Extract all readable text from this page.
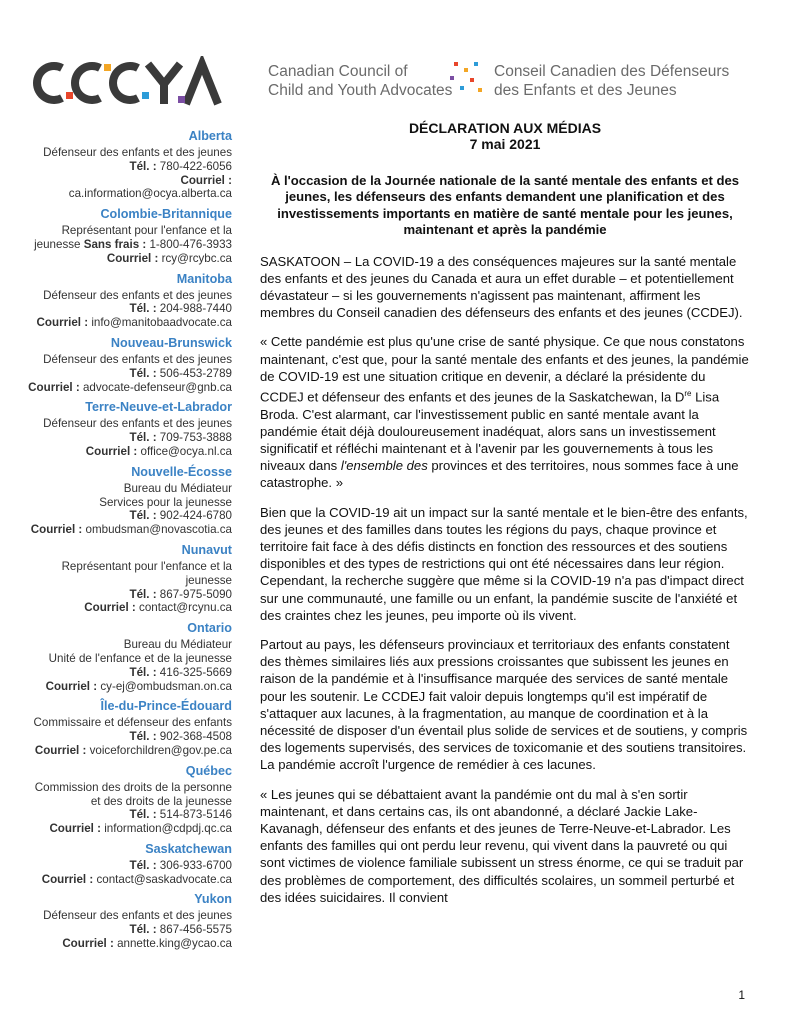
Canadian Council of
Child and Youth Advocates
Conseil Canadien des Défenseurs
des Enfants et des Jeunes
Alberta
Défenseur des enfants et des jeunes
Tél. : 780-422-6056
Courriel :
ca.information@ocya.alberta.ca
Colombie-Britannique
Représentant pour l'enfance et la
jeunesse Sans frais : 1-800-476-3933
Courriel : rcy@rcybc.ca
Manitoba
Défenseur des enfants et des jeunes
Tél. : 204-988-7440
Courriel : info@manitobaadvocate.ca
Nouveau-Brunswick
Défenseur des enfants et des jeunes
Tél. : 506-453-2789
Courriel : advocate-defenseur@gnb.ca
Terre-Neuve-et-Labrador
Défenseur des enfants et des jeunes
Tél. : 709-753-3888
Courriel : office@ocya.nl.ca
Nouvelle-Écosse
Bureau du Médiateur
Services pour la jeunesse
Tél. : 902-424-6780
Courriel : ombudsman@novascotia.ca
Nunavut
Représentant pour l'enfance et la
jeunesse
Tél. : 867-975-5090
Courriel : contact@rcynu.ca
Ontario
Bureau du Médiateur
Unité de l'enfance et de la jeunesse
Tél. : 416-325-5669
Courriel : cy-ej@ombudsman.on.ca
Île-du-Prince-Édouard
Commissaire et défenseur des enfants
Tél. : 902-368-4508
Courriel : voiceforchildren@gov.pe.ca
Québec
Commission des droits de la personne
et des droits de la jeunesse
Tél. : 514-873-5146
Courriel : information@cdpdj.qc.ca
Saskatchewan
Tél. : 306-933-6700
Courriel : contact@saskadvocate.ca
Yukon
Défenseur des enfants et des jeunes
Tél. : 867-456-5575
Courriel : annette.king@ycao.ca

DÉCLARATION AUX MÉDIAS

7 mai 2021

À l'occasion de la Journée nationale de la santé mentale des enfants et des jeunes, les défenseurs des enfants demandent une planification et des investissements importants en matière de santé mentale pour les jeunes, maintenant et après la pandémie

SASKATOON – La COVID-19 a des conséquences majeures sur la santé mentale des enfants et des jeunes du Canada et aura un effet durable – et potentiellement dévastateur – si les gouvernements n'agissent pas maintenant, affirment les membres du Conseil canadien des défenseurs des enfants et des jeunes (CCDEJ).

« Cette pandémie est plus qu'une crise de santé physique. Ce que nous constatons maintenant, c'est que, pour la santé mentale des enfants et des jeunes, la pandémie de COVID-19 est une situation critique en devenir, a déclaré la présidente du CCDEJ et défenseur des enfants et des jeunes de la Saskatchewan, la Dre Lisa Broda. C'est alarmant, car l'investissement public en santé mentale avant la pandémie était déjà douloureusement inadéquat, alors sans un investissement significatif et réfléchi maintenant et à l'avenir par les gouvernements à tous les niveaux dans l'ensemble des provinces et des territoires, nous sommes face à une catastrophe. »

Bien que la COVID-19 ait un impact sur la santé mentale et le bien-être des enfants, des jeunes et des familles dans toutes les régions du pays, chaque province et territoire fait face à des défis distincts en fonction des ressources et des soutiens disponibles et des types de restrictions qui ont été nécessaires dans leur région. Cependant, la recherche suggère que même si la COVID-19 n'a pas d'impact direct sur une communauté, une famille ou un enfant, la pandémie suscite de l'anxiété et des craintes chez les jeunes, peu importe où ils vivent.

Partout au pays, les défenseurs provinciaux et territoriaux des enfants constatent des thèmes similaires liés aux pressions croissantes que subissent les jeunes en raison de la pandémie et à l'insuffisance marquée des services de santé mentale pour les soutenir. Le CCDEJ fait valoir depuis longtemps qu'il est impératif de s'attaquer aux lacunes, à la fragmentation, au manque de coordination et à la nécessité de disposer d'un éventail plus solide de services et de soutiens, y compris des logements supervisés, des services de toxicomanie et des soutiens transitoires. La pandémie accroît l'urgence de remédier à ces lacunes.

« Les jeunes qui se débattaient avant la pandémie ont du mal à s'en sortir maintenant, et dans certains cas, ils ont abandonné, a déclaré Jackie Lake-Kavanagh, défenseur des enfants et des jeunes de Terre-Neuve-et-Labrador. Les enfants des familles qui ont perdu leur revenu, qui vivent dans la pauvreté ou qui sont victimes de violence familiale subissent un stress énorme, ce qui se traduit par des problèmes de comportement, des difficultés scolaires, un sommeil perturbé et des idées suicidaires. Il convient

1
